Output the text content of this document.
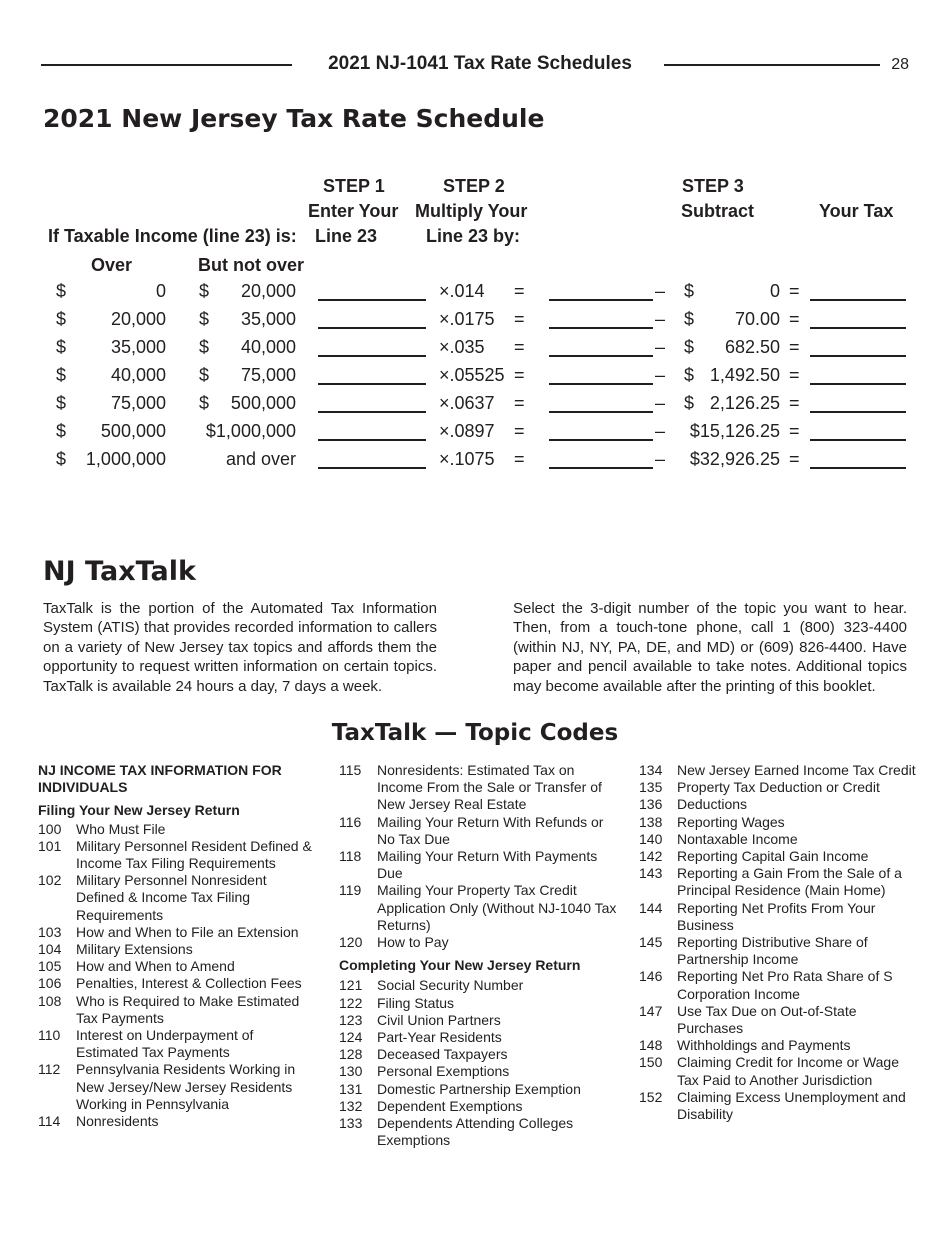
2021 NJ-1041 Tax Rate Schedules	28
2021 New Jersey Tax Rate Schedule
STEP 1
Enter Your
Line 23
STEP 2
Multiply Your
Line 23 by:
STEP 3
Subtract	Your Tax
If Taxable Income (line 23) is:
Over	But not over
$	0 $	20,000	×.014	=	–	$	0 =
$	20,000 $	35,000	×.0175	=	–	$	70.00 =
$	35,000 $	40,000	×.035	=	–	$	682.50 =
$	40,000 $	75,000	×.05525 =	–	$ 1,492.50 =
$	75,000 $	500,000	×.0637	=	–	$ 2,126.25 =
$	500,000	$1,000,000	×.0897	=	–	$15,126.25 =
$	1,000,000	and over	×.1075	=	–	$32,926.25 =
NJ TaxTalk
TaxTalk is the portion of the Automated Tax Information System (ATIS) that provides recorded information to callers on a variety of New Jersey tax topics and affords them the opportunity to request written information on certain topics. TaxTalk is available 24 hours a day, 7 days a week.
Select the 3-digit number of the topic you want to hear. Then, from a touch-tone phone, call 1 (800) 323-4400 (within NJ, NY, PA, DE, and MD) or (609) 826-4400. Have paper and pencil available to take notes. Additional topics may become available after the printing of this booklet.
TaxTalk — Topic Codes
NJ INCOME TAX INFORMATION FOR INDIVIDUALS
Filing Your New Jersey Return
100 Who Must File
101 Military Personnel Resident Defined & Income Tax Filing Requirements
102 Military Personnel Nonresident Defined & Income Tax Filing Requirements
103 How and When to File an Extension
104 Military Extensions
105 How and When to Amend
106 Penalties, Interest & Collection Fees
108 Who is Required to Make Estimated Tax Payments
110 Interest on Underpayment of Estimated Tax Payments
112 Pennsylvania Residents Working in New Jersey/New Jersey Residents Working in Pennsylvania
114 Nonresidents
115 Nonresidents: Estimated Tax on Income From the Sale or Transfer of New Jersey Real Estate
116 Mailing Your Return With Refunds or No Tax Due
118 Mailing Your Return With Payments Due
119 Mailing Your Property Tax Credit Application Only (Without NJ-1040 Tax Returns)
120 How to Pay
Completing Your New Jersey Return
121 Social Security Number
122 Filing Status
123 Civil Union Partners
124 Part-Year Residents
128 Deceased Taxpayers
130 Personal Exemptions
131 Domestic Partnership Exemption
132 Dependent Exemptions
133 Dependents Attending Colleges Exemptions
134 New Jersey Earned Income Tax Credit
135 Property Tax Deduction or Credit
136 Deductions
138 Reporting Wages
140 Nontaxable Income
142 Reporting Capital Gain Income
143 Reporting a Gain From the Sale of a Principal Residence (Main Home)
144 Reporting Net Profits From Your Business
145 Reporting Distributive Share of Partnership Income
146 Reporting Net Pro Rata Share of S Corporation Income
147 Use Tax Due on Out-of-State Purchases
148 Withholdings and Payments
150 Claiming Credit for Income or Wage Tax Paid to Another Jurisdiction
152 Claiming Excess Unemployment and Disability
